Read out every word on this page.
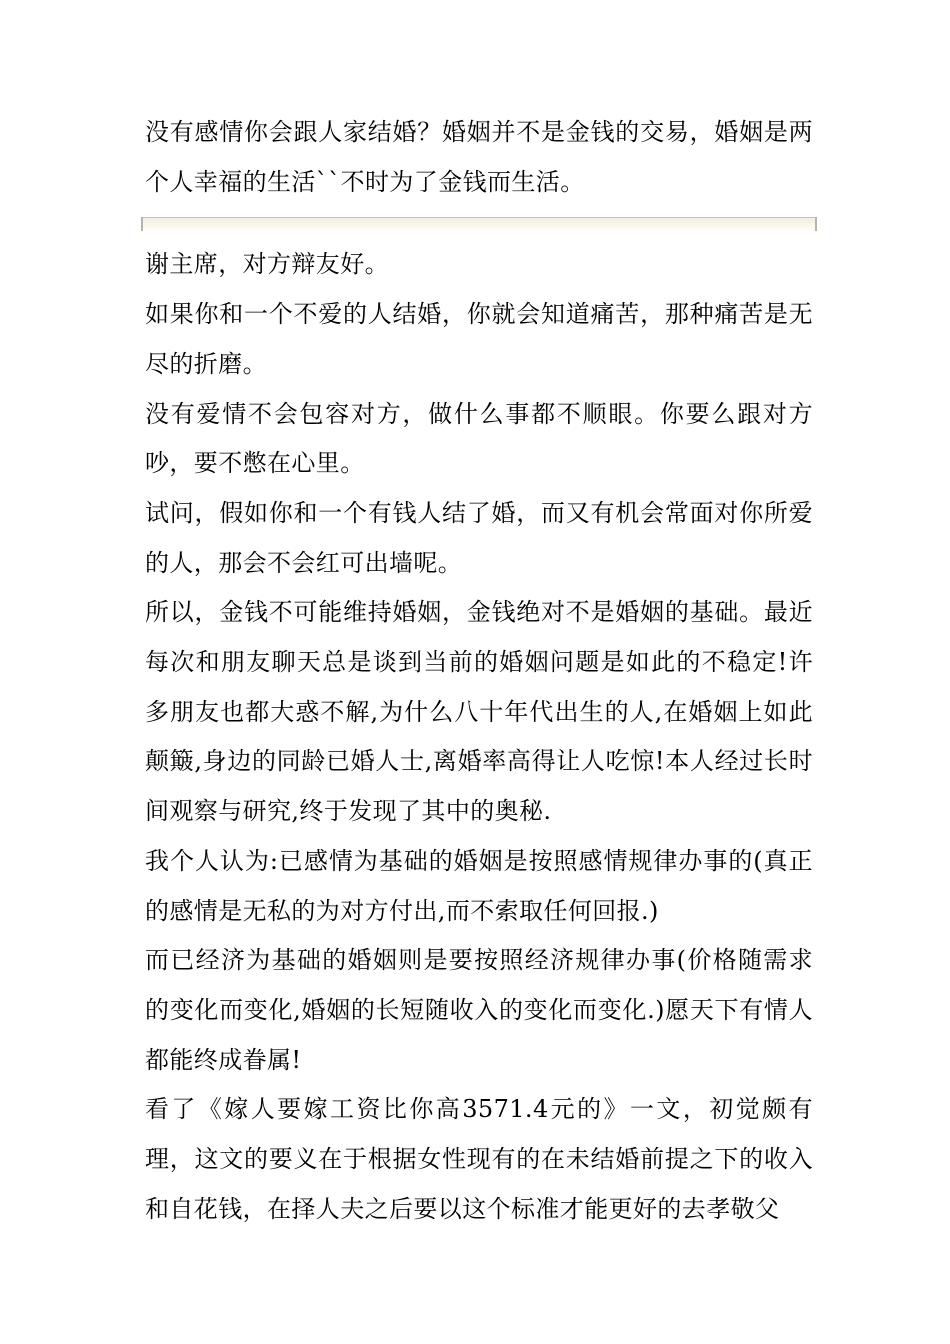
没有感情你会跟人家结婚？婚姻并不是金钱的交易，婚姻是两个人幸福的生活``不时为了金钱而生活。

谢主席，对方辩友好。

如果你和一个不爱的人结婚，你就会知道痛苦，那种痛苦是无尽的折磨。

没有爱情不会包容对方，做什么事都不顺眼。你要么跟对方吵，要不憋在心里。

试问，假如你和一个有钱人结了婚，而又有机会常面对你所爱的人，那会不会红可出墙呢。

所以，金钱不可能维持婚姻，金钱绝对不是婚姻的基础。最近每次和朋友聊天总是谈到当前的婚姻问题是如此的不稳定!许多朋友也都大惑不解,为什么八十年代出生的人,在婚姻上如此颠簸,身边的同龄已婚人士,离婚率高得让人吃惊!本人经过长时间观察与研究,终于发现了其中的奥秘.

我个人认为:已感情为基础的婚姻是按照感情规律办事的(真正的感情是无私的为对方付出,而不索取任何回报.)

而已经济为基础的婚姻则是要按照经济规律办事(价格随需求的变化而变化,婚姻的长短随收入的变化而变化.)愿天下有情人都能终成眷属!

看了《嫁人要嫁工资比你高3571.4元的》一文，初觉颇有理，这文的要义在于根据女性现有的在未结婚前提之下的收入和自花钱，在择人夫之后要以这个标准才能更好的去孝敬父
